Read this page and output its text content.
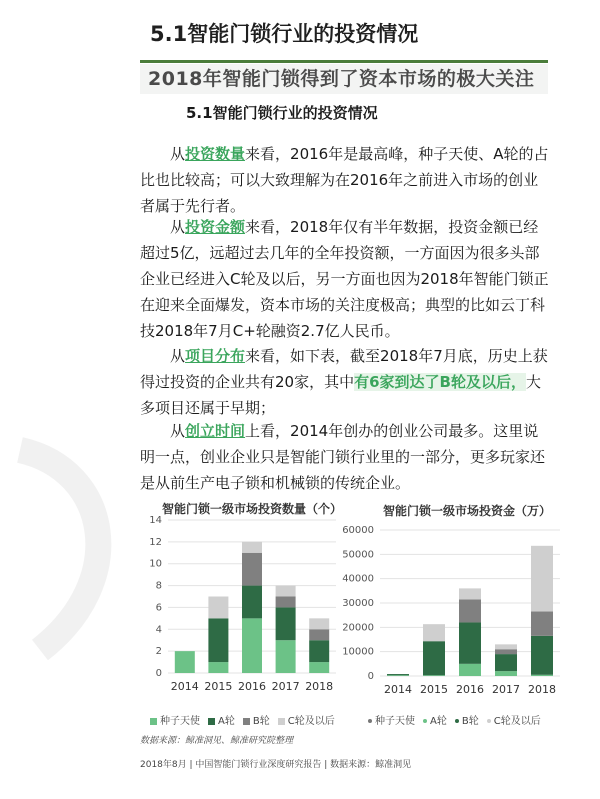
5.1智能门锁行业的投资情况
2018年智能门锁得到了资本市场的极大关注
5.1智能门锁行业的投资情况

从投资数量来看，2016年是最高峰，种子天使、A轮的占比也比较高；可以大致理解为在2016年之前进入市场的创业者属于先行者。

从投资金额来看，2018年仅有半年数据，投资金额已经超过5亿，远超过去几年的全年投资额，一方面因为很多头部企业已经进入C轮及以后，另一方面也因为2018年智能门锁正在迎来全面爆发，资本市场的关注度极高；典型的比如云丁科技2018年7月C+轮融资2.7亿人民币。

从项目分布来看，如下表，截至2018年7月底，历史上获得过投资的企业共有20家，其中有6家到达了B轮及以后，大多项目还属于早期；

从创立时间上看，2014年创办的创业公司最多。这里说明一点，创业企业只是智能门锁行业里的一部分，更多玩家还是从前生产电子锁和机械锁的传统企业。

智能门锁一级市场投资数量（个）
0
2
4
6
8
10
12
14
2014 2015 2016 2017 2018
种子天使	A轮	B轮	C轮及以后
智能门锁一级市场投资金（万）
0
10000
20000
30000
40000
50000
60000
2014 2015 2016 2017 2018
种子天使	A轮	B轮	C轮及以后
数据来源：鲸准洞见、鲸准研究院整理
2018年8月 | 中国智能门锁行业深度研究报告 | 数据来源：鲸准洞见
